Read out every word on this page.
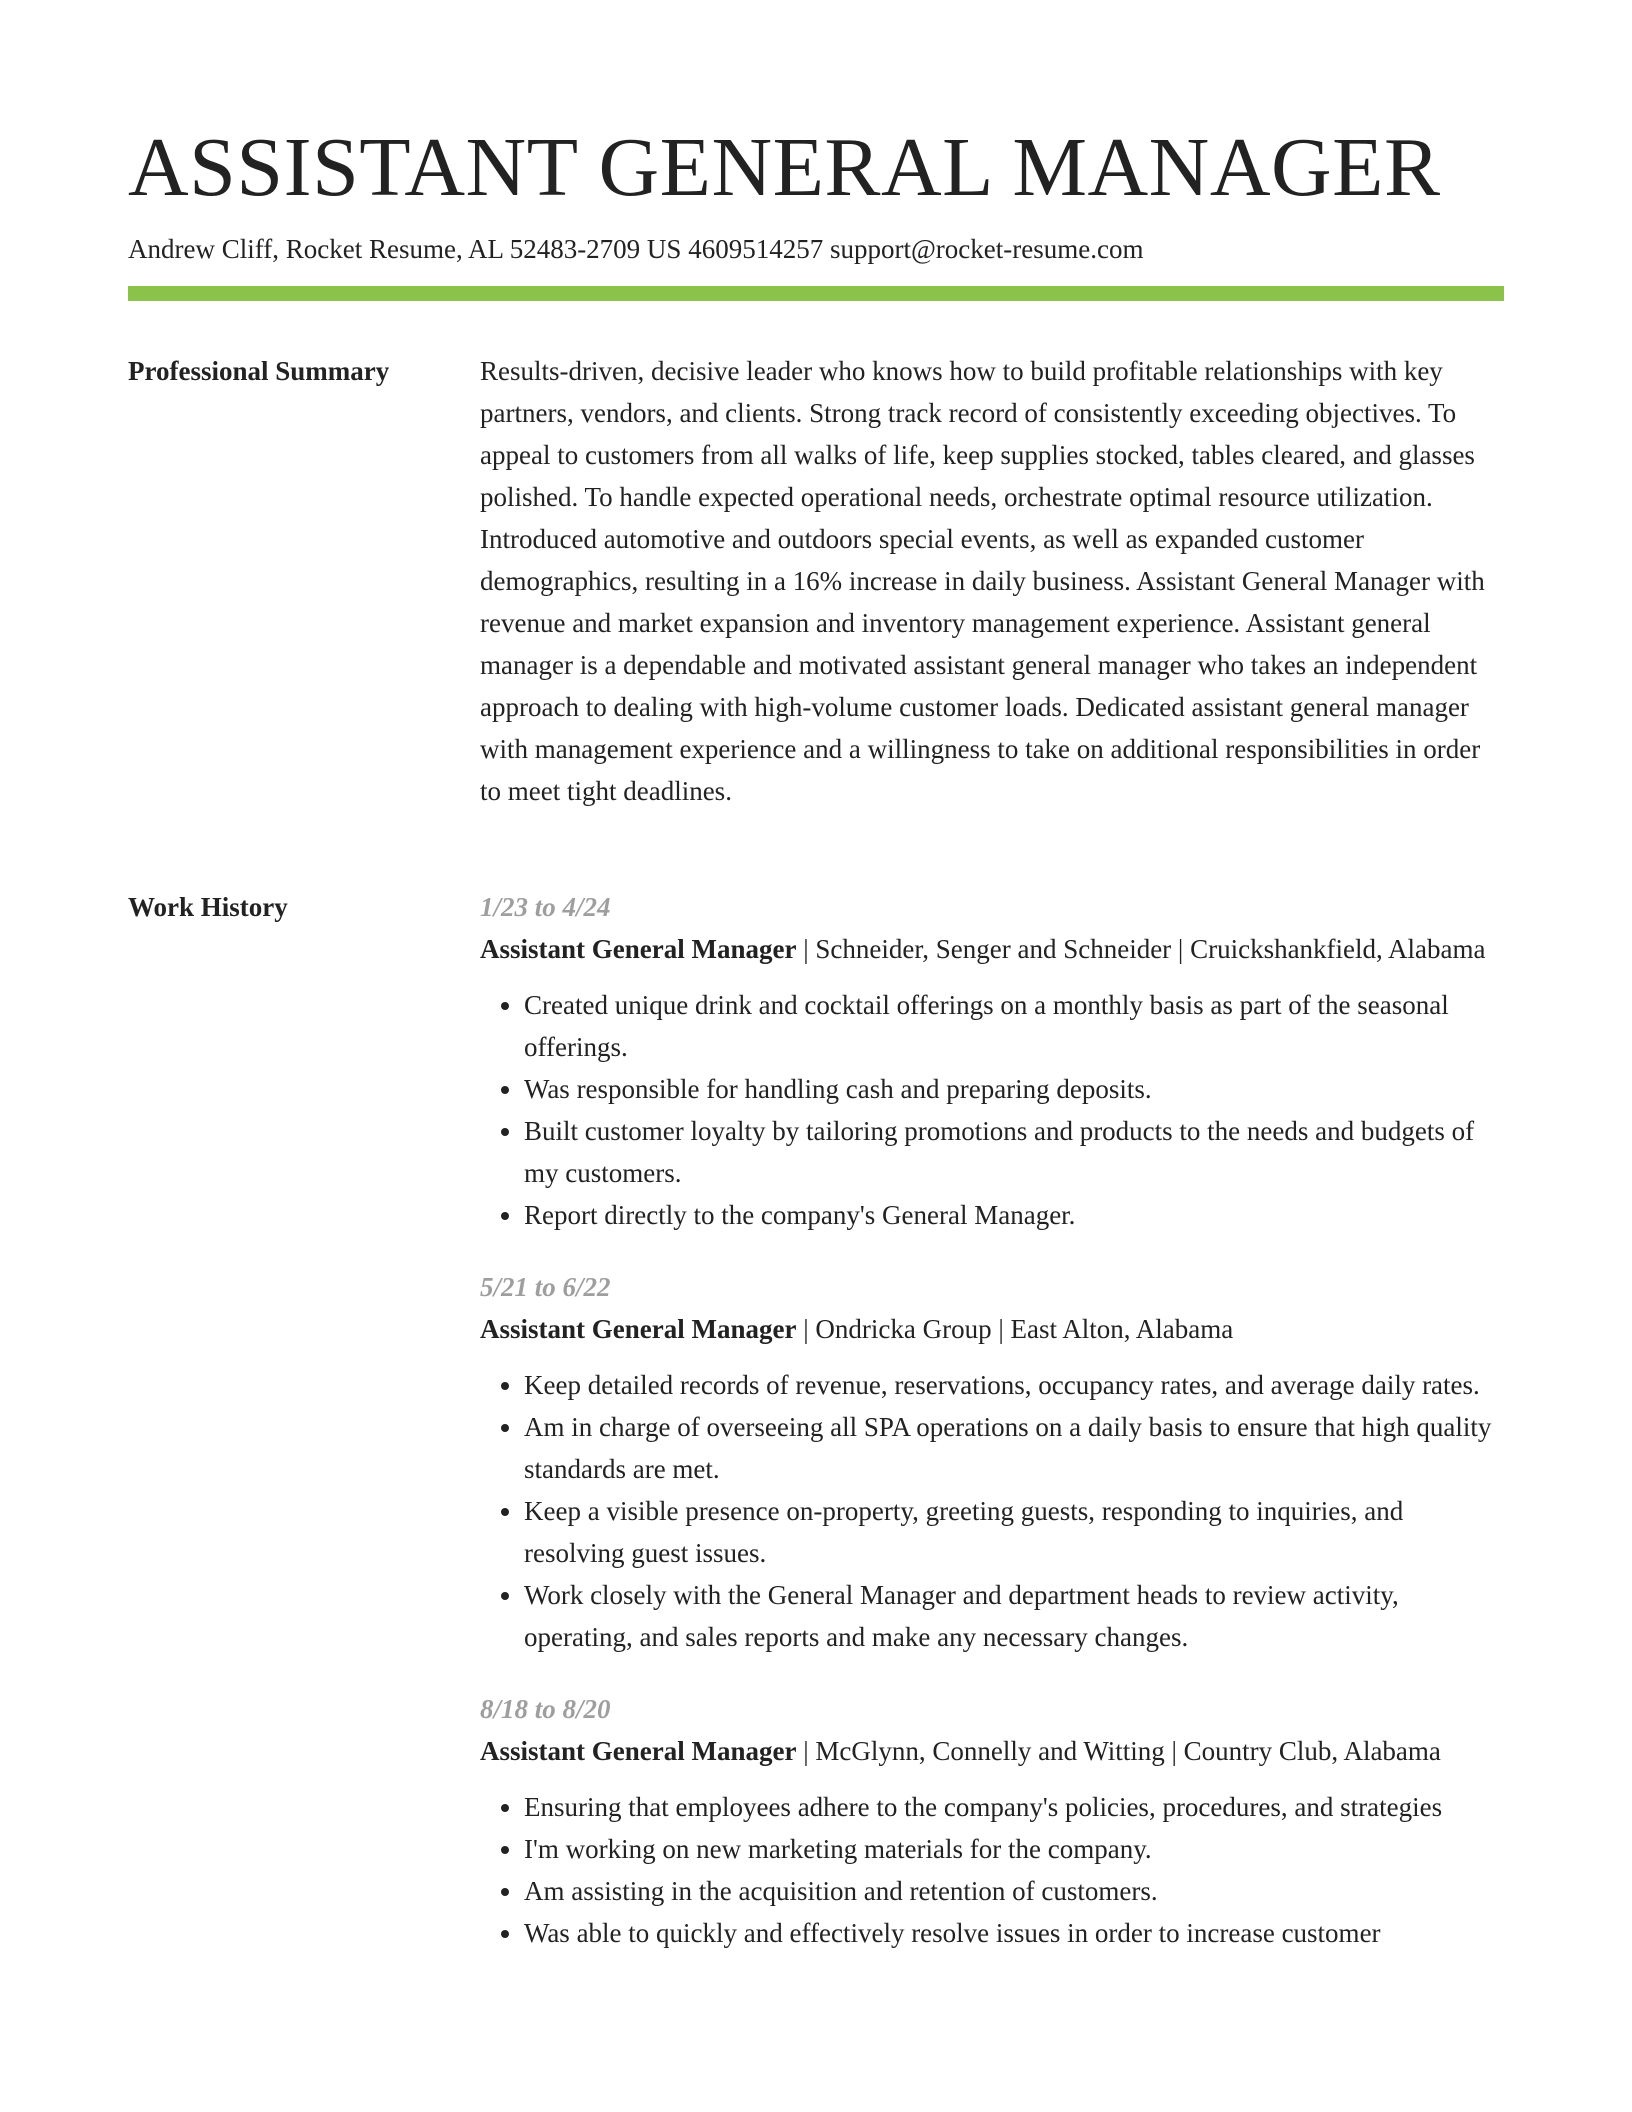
ASSISTANT GENERAL MANAGER
Andrew Cliff, Rocket Resume, AL 52483-2709 US 4609514257 support@rocket-resume.com
Professional Summary	Results-driven, decisive leader who knows how to build profitable relationships with key partners, vendors, and clients. Strong track record of consistently exceeding objectives. To appeal to customers from all walks of life, keep supplies stocked, tables cleared, and glasses polished. To handle expected operational needs, orchestrate optimal resource utilization. Introduced automotive and outdoors special events, as well as expanded customer demographics, resulting in a 16% increase in daily business. Assistant General Manager with revenue and market expansion and inventory management experience. Assistant general manager is a dependable and motivated assistant general manager who takes an independent approach to dealing with high-volume customer loads. Dedicated assistant general manager with management experience and a willingness to take on additional responsibilities in order to meet tight deadlines.

Work History	1/23 to 4/24

Assistant General Manager | Schneider, Senger and Schneider | Cruickshankfield, Alabama

• Created unique drink and cocktail offerings on a monthly basis as part of the seasonal offerings.
• Was responsible for handling cash and preparing deposits.
• Built customer loyalty by tailoring promotions and products to the needs and budgets of my customers.
• Report directly to the company's General Manager.
5/21 to 6/22

Assistant General Manager | Ondricka Group | East Alton, Alabama

• Keep detailed records of revenue, reservations, occupancy rates, and average daily rates.
• Am in charge of overseeing all SPA operations on a daily basis to ensure that high quality standards are met.
• Keep a visible presence on-property, greeting guests, responding to inquiries, and resolving guest issues.
• Work closely with the General Manager and department heads to review activity, operating, and sales reports and make any necessary changes.
8/18 to 8/20

Assistant General Manager | McGlynn, Connelly and Witting | Country Club, Alabama

• Ensuring that employees adhere to the company's policies, procedures, and strategies
• I'm working on new marketing materials for the company.
• Am assisting in the acquisition and retention of customers.
• Was able to quickly and effectively resolve issues in order to increase customer
